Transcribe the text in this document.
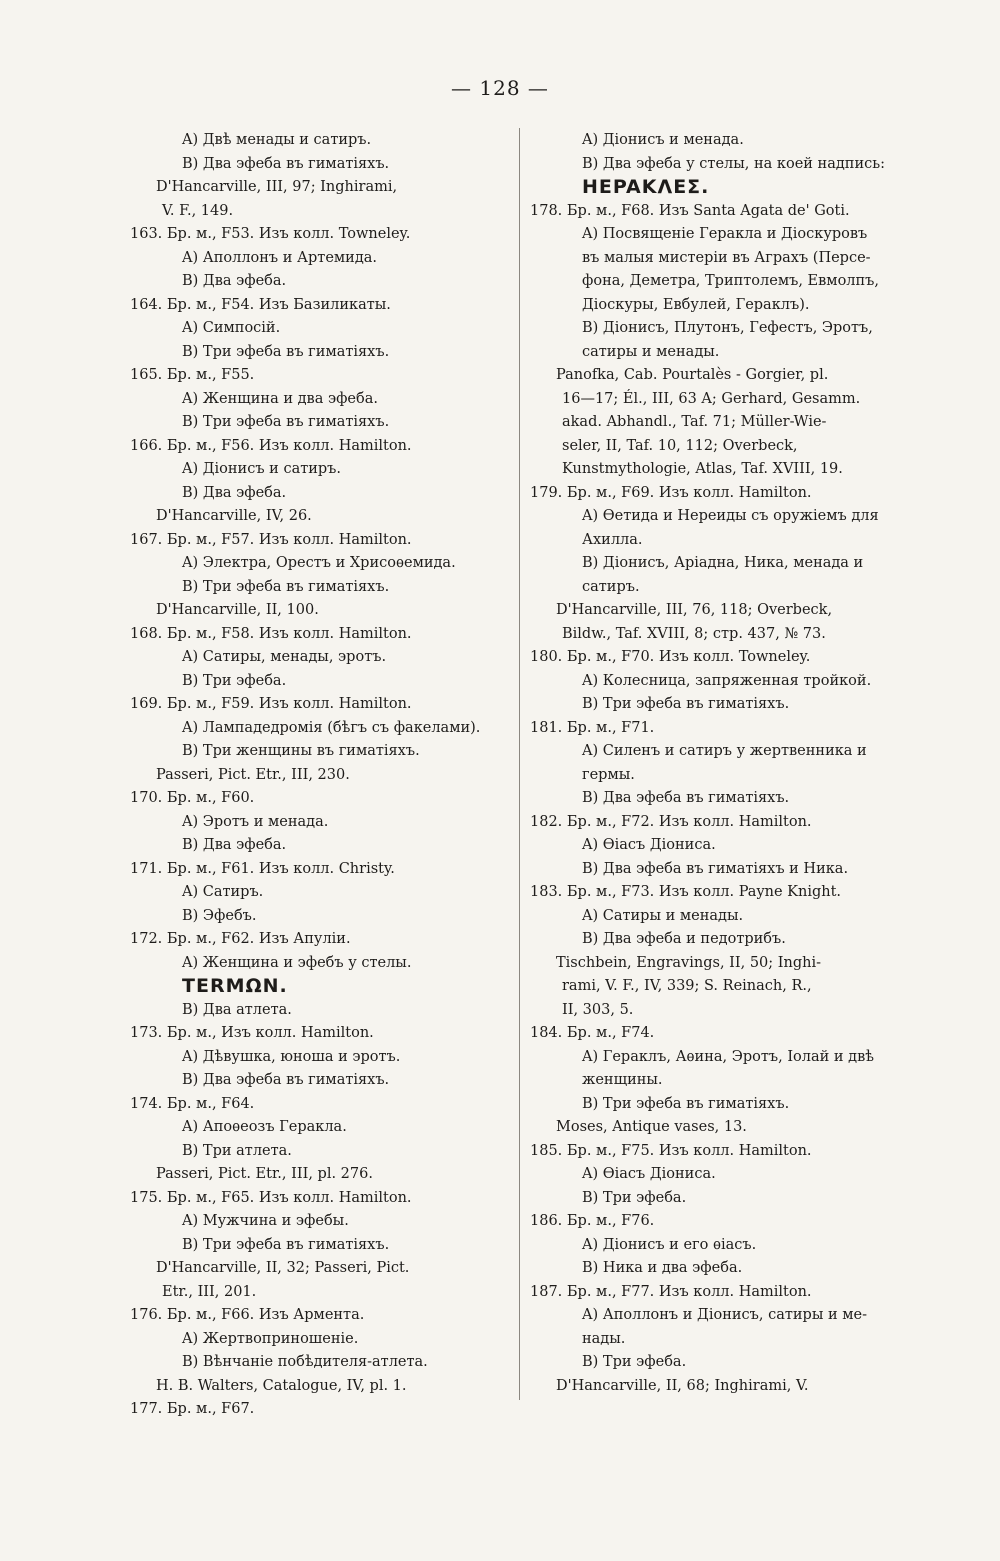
— 128 —
A) Двѣ менады и сатиръ.
B) Два эфеба въ гиматіяхъ.
D'Hancarville, III, 97; Inghirami,
V. F., 149.
163. Бр. м., F53. Изъ колл. Towneley.
A) Аполлонъ и Артемида.
B) Два эфеба.
164. Бр. м., F54. Изъ Базиликаты.
A) Симпосій.
B) Три эфеба въ гиматіяхъ.
165. Бр. м., F55.
A) Женщина и два эфеба.
B) Три эфеба въ гиматіяхъ.
166. Бр. м., F56. Изъ колл. Hamilton.
A) Діонисъ и сатиръ.
B) Два эфеба.
D'Hancarville, IV, 26.
167. Бр. м., F57. Изъ колл. Hamilton.
A) Электра, Орестъ и Хрисоѳемида.
B) Три эфеба въ гиматіяхъ.
D'Hancarville, II, 100.
168. Бр. м., F58. Изъ колл. Hamilton.
A) Сатиры, менады, эротъ.
B) Три эфеба.
169. Бр. м., F59. Изъ колл. Hamilton.
A) Лампадедромія (бѣгъ съ факелами).
B) Три женщины въ гиматіяхъ.
Passeri, Pict. Etr., III, 230.
170. Бр. м., F60.
A) Эротъ и менада.
B) Два эфеба.
171. Бр. м., F61. Изъ колл. Christy.
A) Сатиръ.
B) Эфебъ.
172. Бр. м., F62. Изъ Апуліи.
A) Женщина и эфебъ у стелы.
TERMΩN.
B) Два атлета.
173. Бр. м., Изъ колл. Hamilton.
A) Дѣвушка, юноша и эротъ.
B) Два эфеба въ гиматіяхъ.
174. Бр. м., F64.
A) Апоѳеозъ Геракла.
B) Три атлета.
Passeri, Pict. Etr., III, pl. 276.
175. Бр. м., F65. Изъ колл. Hamilton.
A) Мужчина и эфебы.
B) Три эфеба въ гиматіяхъ.
D'Hancarville, II, 32; Passeri, Pict.
Etr., III, 201.
176. Бр. м., F66. Изъ Армента.
A) Жертвоприношеніе.
B) Вѣнчаніе побѣдителя-атлета.
H. B. Walters, Catalogue, IV, pl. 1.
177. Бр. м., F67.
A) Діонисъ и менада.
B) Два эфеба у стелы, на коей надпись:
HEPAKΛEΣ.
178. Бр. м., F68. Изъ Santa Agata de' Goti.
A) Посвященіе Геракла и Діоскуровъ
въ малыя мистеріи въ Аграхъ (Персе-
фона, Деметра, Триптолемъ, Евмолпъ,
Діоскуры, Евбулей, Гераклъ).
B) Діонисъ, Плутонъ, Гефестъ, Эротъ,
сатиры и менады.
Panofka, Cab. Pourtalès - Gorgier, pl.
16—17; Él., III, 63 A; Gerhard, Gesamm.
akad. Abhandl., Taf. 71; Müller-Wie-
seler, II, Taf. 10, 112; Overbeck,
Kunstmythologie, Atlas, Taf. XVIII, 19.
179. Бр. м., F69. Изъ колл. Hamilton.
A) Ѳетида и Нереиды съ оружіемъ для
Ахилла.
B) Діонисъ, Аріадна, Ника, менада и
сатиръ.
D'Hancarville, III, 76, 118; Overbeck,
Bildw., Taf. XVIII, 8; стр. 437, № 73.
180. Бр. м., F70. Изъ колл. Towneley.
A) Колесница, запряженная тройкой.
B) Три эфеба въ гиматіяхъ.
181. Бр. м., F71.
A) Силенъ и сатиръ у жертвенника и
гермы.
B) Два эфеба въ гиматіяхъ.
182. Бр. м., F72. Изъ колл. Hamilton.
A) Ѳіасъ Діониса.
B) Два эфеба въ гиматіяхъ и Ника.
183. Бр. м., F73. Изъ колл. Payne Knight.
A) Сатиры и менады.
B) Два эфеба и педотрибъ.
Tischbein, Engravings, II, 50; Inghi-
rami, V. F., IV, 339; S. Reinach, R.,
II, 303, 5.
184. Бр. м., F74.
A) Гераклъ, Аѳина, Эротъ, Іолай и двѣ
женщины.
B) Три эфеба въ гиматіяхъ.
Moses, Antique vases, 13.
185. Бр. м., F75. Изъ колл. Hamilton.
A) Ѳіасъ Діониса.
B) Три эфеба.
186. Бр. м., F76.
A) Діонисъ и его ѳіасъ.
B) Ника и два эфеба.
187. Бр. м., F77. Изъ колл. Hamilton.
A) Аполлонъ и Діонисъ, сатиры и ме-
нады.
B) Три эфеба.
D'Hancarville, II, 68; Inghirami, V.
